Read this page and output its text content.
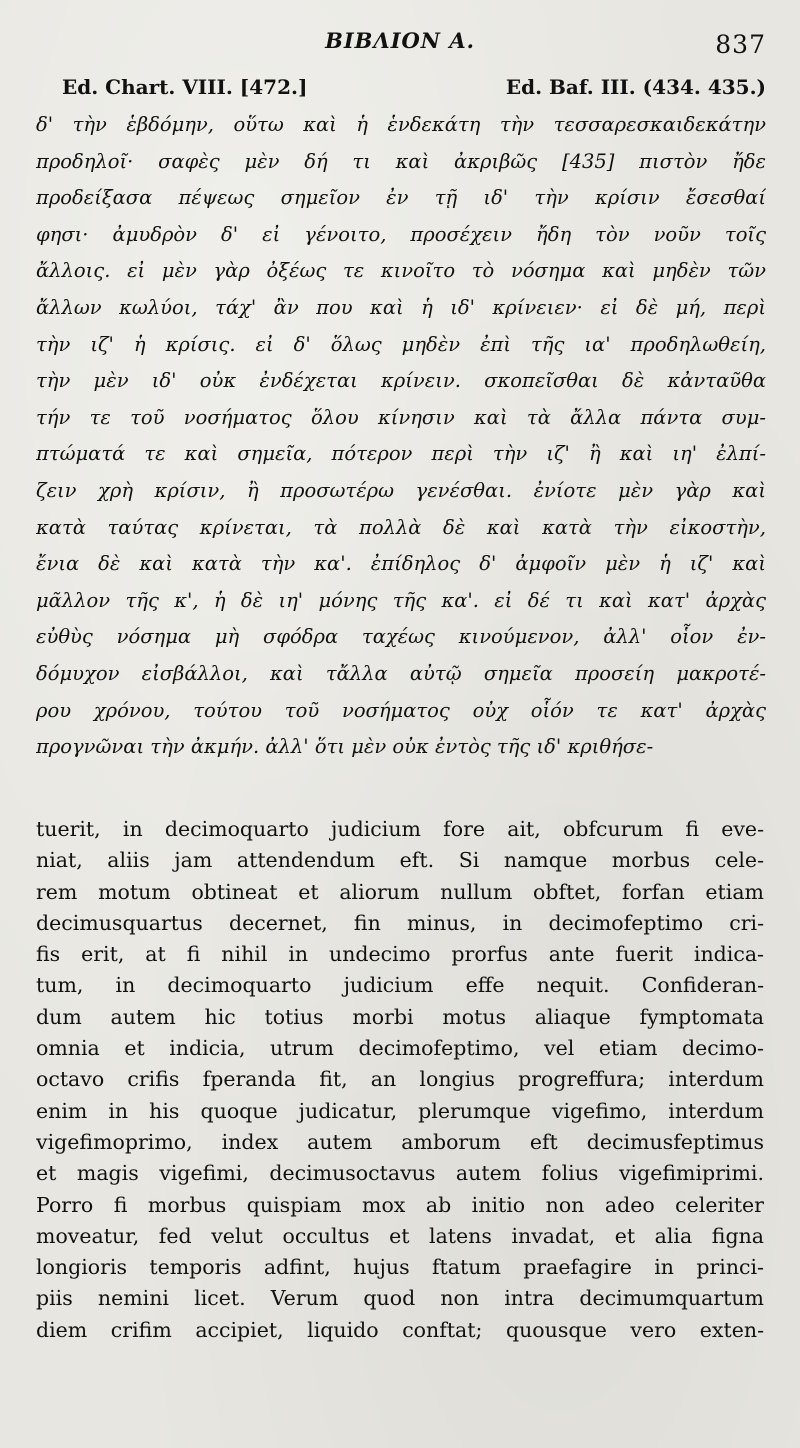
ΒΙΒΛΙΟΝ Α.	837
Ed. Chart. VIII. [472.]	Ed. Baf. III. (434. 435.)
δ' τὴν ἑβδόμην, οὕτω καὶ ἡ ἑνδεκάτη τὴν τεσσαρεσκαιδεκάτην
προδηλοῖ· σαφὲς μὲν δή τι καὶ ἀκριβῶς [435] πιστὸν ἤδε
προδείξασα πέψεως σημεῖον ἐν τῇ ιδ' τὴν κρίσιν ἔσεσθαί
φησι· ἀμυδρὸν δ' εἰ γένοιτο, προσέχειν ἤδη τὸν νοῦν τοῖς
ἄλλοις. εἰ μὲν γὰρ ὀξέως τε κινοῖτο τὸ νόσημα καὶ μηδὲν τῶν
ἄλλων κωλύοι, τάχ' ἂν που καὶ ἡ ιδ' κρίνειεν· εἰ δὲ μή, περὶ
τὴν ιζ' ἡ κρίσις. εἰ δ' ὅλως μηδὲν ἐπὶ τῆς ια' προδηλωθείη,
τὴν μὲν ιδ' οὐκ ἐνδέχεται κρίνειν. σκοπεῖσθαι δὲ κἀνταῦθα
τήν τε τοῦ νοσήματος ὅλου κίνησιν καὶ τὰ ἄλλα πάντα συμ-
πτώματά τε καὶ σημεῖα, πότερον περὶ τὴν ιζ' ἢ καὶ ιη' ἐλπί-
ζειν χρὴ κρίσιν, ἢ προσωτέρω γενέσθαι. ἐνίοτε μὲν γὰρ καὶ
κατὰ ταύτας κρίνεται, τὰ πολλὰ δὲ καὶ κατὰ τὴν εἰκοστὴν,
ἔνια δὲ καὶ κατὰ τὴν κα'. ἐπίδηλος δ' ἀμφοῖν μὲν ἡ ιζ' καὶ
μᾶλλον τῆς κ', ἡ δὲ ιη' μόνης τῆς κα'. εἰ δέ τι καὶ κατ' ἀρχὰς
εὐθὺς νόσημα μὴ σφόδρα ταχέως κινούμενον, ἀλλ' οἷον ἐν-
δόμυχον εἰσβάλλοι, καὶ τἄλλα αὐτῷ σημεῖα προσείη μακροτέ-
ρου χρόνου, τούτου τοῦ νοσήματος οὐχ οἷόν τε κατ' ἀρχὰς
προγνῶναι τὴν ἀκμήν. ἀλλ' ὅτι μὲν οὐκ ἐντὸς τῆς ιδ' κριθήσε-
tuerit, in decimoquarto judicium fore ait, obfcurum fi eve-
niat, aliis jam attendendum eft. Si namque morbus cele-
rem motum obtineat et aliorum nullum obftet, forfan etiam
decimusquartus decernet, fin minus, in decimofeptimo cri-
fis erit, at fi nihil in undecimo prorfus ante fuerit indica-
tum, in decimoquarto judicium effe nequit. Confideran-
dum autem hic totius morbi motus aliaque fymptomata
omnia et indicia, utrum decimofeptimo, vel etiam decimo-
octavo crifis fperanda fit, an longius progreffura; interdum
enim in his quoque judicatur, plerumque vigefimo, interdum
vigefimoprimo, index autem amborum eft decimusfeptimus
et magis vigefimi, decimusoctavus autem folius vigefimiprimi.
Porro fi morbus quispiam mox ab initio non adeo celeriter
moveatur, fed velut occultus et latens invadat, et alia figna
longioris temporis adfint, hujus ftatum praefagire in princi-
piis nemini licet. Verum quod non intra decimumquartum
diem crifim accipiet, liquido conftat; quousque vero exten-
